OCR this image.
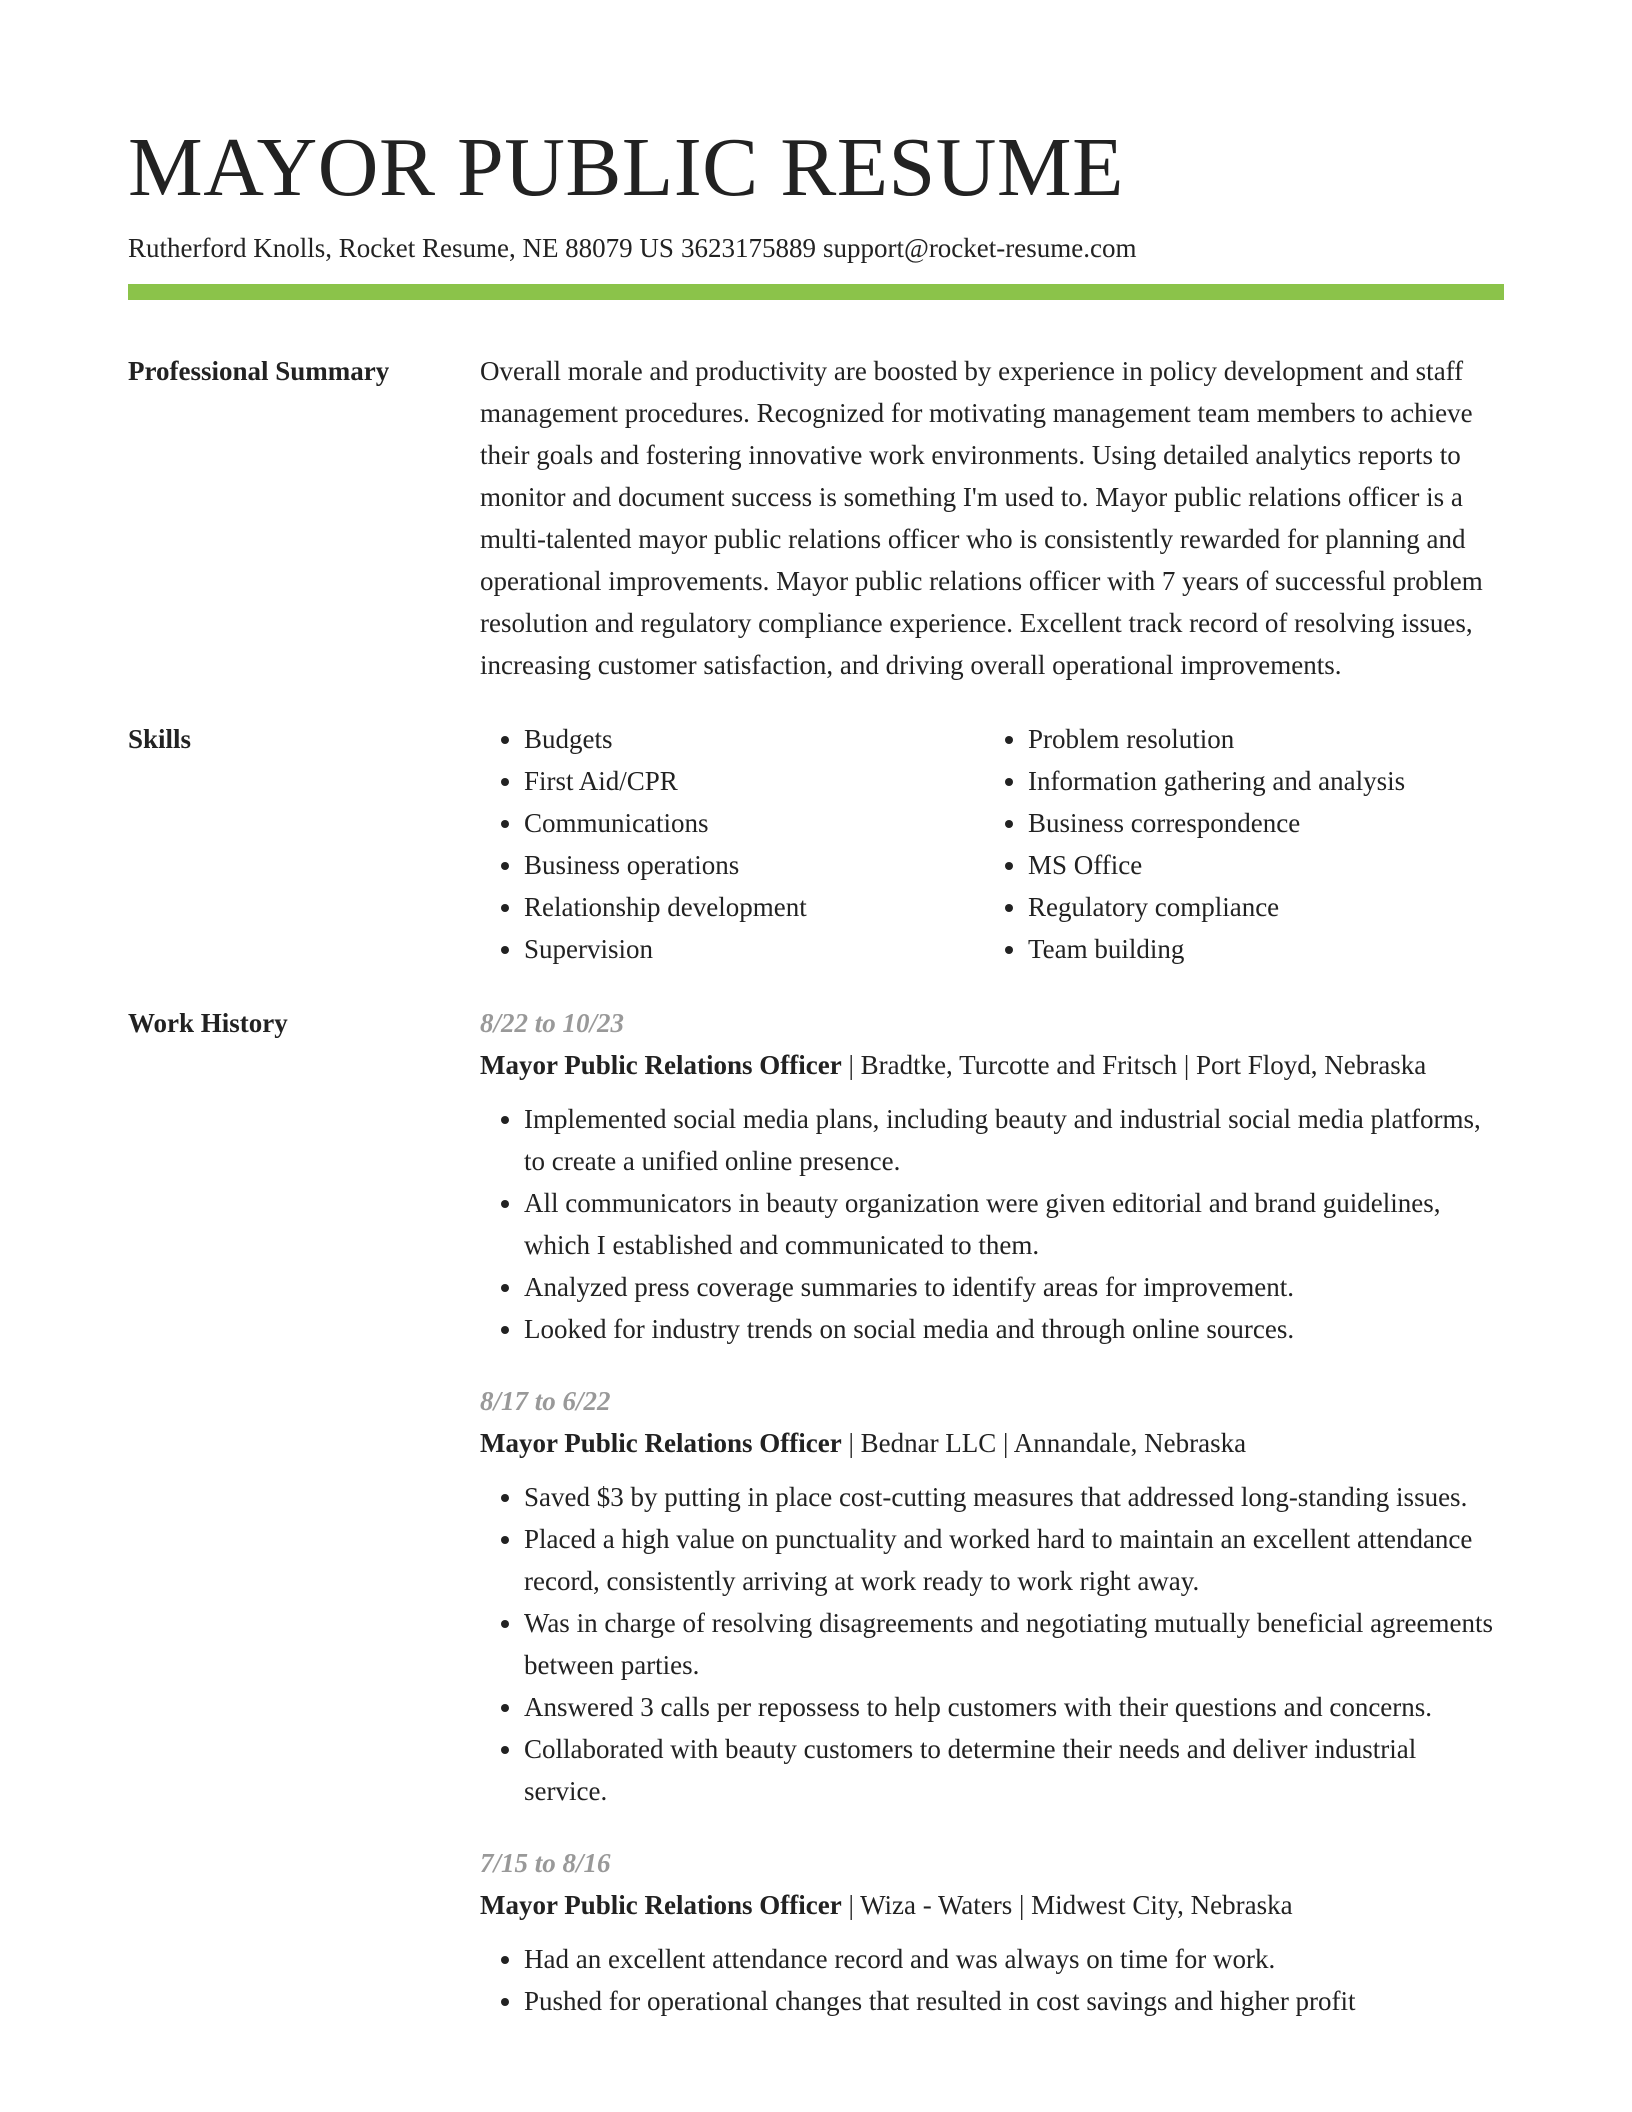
MAYOR PUBLIC RESUME
Rutherford Knolls, Rocket Resume, NE 88079 US 3623175889 support@rocket-resume.com
Professional Summary	Overall morale and productivity are boosted by experience in policy development and staff management procedures. Recognized for motivating management team members to achieve their goals and fostering innovative work environments. Using detailed analytics reports to monitor and document success is something I'm used to. Mayor public relations officer is a multi-talented mayor public relations officer who is consistently rewarded for planning and operational improvements. Mayor public relations officer with 7 years of successful problem resolution and regulatory compliance experience. Excellent track record of resolving issues, increasing customer satisfaction, and driving overall operational improvements.

Skills
•	Budgets
• First Aid/CPR
• Communications
• Business operations
• Relationship development
• Supervision
• Problem resolution
• Information gathering and analysis
• Business correspondence
• MS Office
• Regulatory compliance
• Team building
Work History	8/22 to 10/23
Mayor Public Relations Officer | Bradtke, Turcotte and Fritsch | Port Floyd, Nebraska
• Implemented social media plans, including beauty and industrial social media platforms, to create a unified online presence.
• All communicators in beauty organization were given editorial and brand guidelines, which I established and communicated to them.
• Analyzed press coverage summaries to identify areas for improvement.
• Looked for industry trends on social media and through online sources.
8/17 to 6/22
Mayor Public Relations Officer | Bednar LLC | Annandale, Nebraska
• Saved $3 by putting in place cost-cutting measures that addressed long-standing issues.
• Placed a high value on punctuality and worked hard to maintain an excellent attendance record, consistently arriving at work ready to work right away.
• Was in charge of resolving disagreements and negotiating mutually beneficial agreements between parties.
• Answered 3 calls per repossess to help customers with their questions and concerns.
• Collaborated with beauty customers to determine their needs and deliver industrial service.
7/15 to 8/16
Mayor Public Relations Officer | Wiza - Waters | Midwest City, Nebraska
• Had an excellent attendance record and was always on time for work.
• Pushed for operational changes that resulted in cost savings and higher profit
